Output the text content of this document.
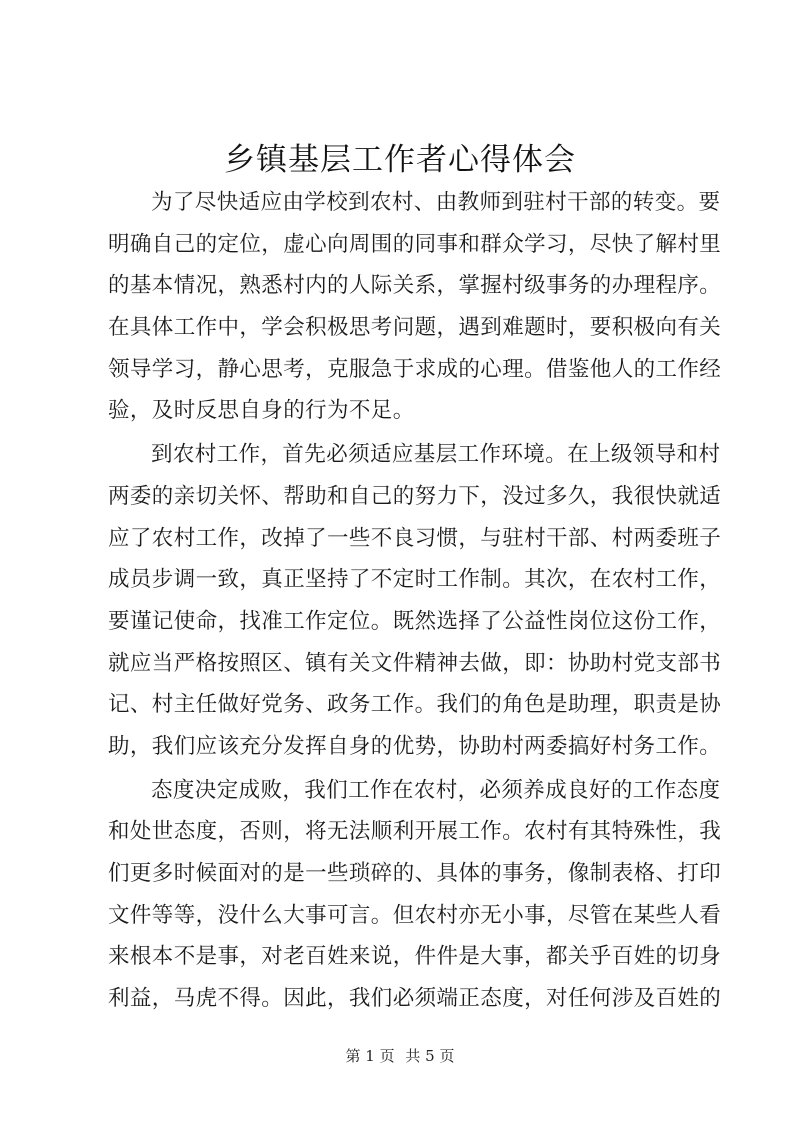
乡镇基层工作者心得体会
为了尽快适应由学校到农村、由教师到驻村干部的转变。要
明确自己的定位，虚心向周围的同事和群众学习，尽快了解村里
的基本情况，熟悉村内的人际关系，掌握村级事务的办理程序。
在具体工作中，学会积极思考问题，遇到难题时，要积极向有关
领导学习，静心思考，克服急于求成的心理。借鉴他人的工作经
验，及时反思自身的行为不足。
到农村工作，首先必须适应基层工作环境。在上级领导和村
两委的亲切关怀、帮助和自己的努力下，没过多久，我很快就适
应了农村工作，改掉了一些不良习惯，与驻村干部、村两委班子
成员步调一致，真正坚持了不定时工作制。其次，在农村工作，
要谨记使命，找准工作定位。既然选择了公益性岗位这份工作，
就应当严格按照区、镇有关文件精神去做，即：协助村党支部书
记、村主任做好党务、政务工作。我们的角色是助理，职责是协
助，我们应该充分发挥自身的优势，协助村两委搞好村务工作。
态度决定成败，我们工作在农村，必须养成良好的工作态度
和处世态度，否则，将无法顺利开展工作。农村有其特殊性，我
们更多时候面对的是一些琐碎的、具体的事务，像制表格、打印
文件等等，没什么大事可言。但农村亦无小事，尽管在某些人看
来根本不是事，对老百姓来说，件件是大事，都关乎百姓的切身
利益，马虎不得。因此，我们必须端正态度，对任何涉及百姓的
第 1 页 共 5 页
